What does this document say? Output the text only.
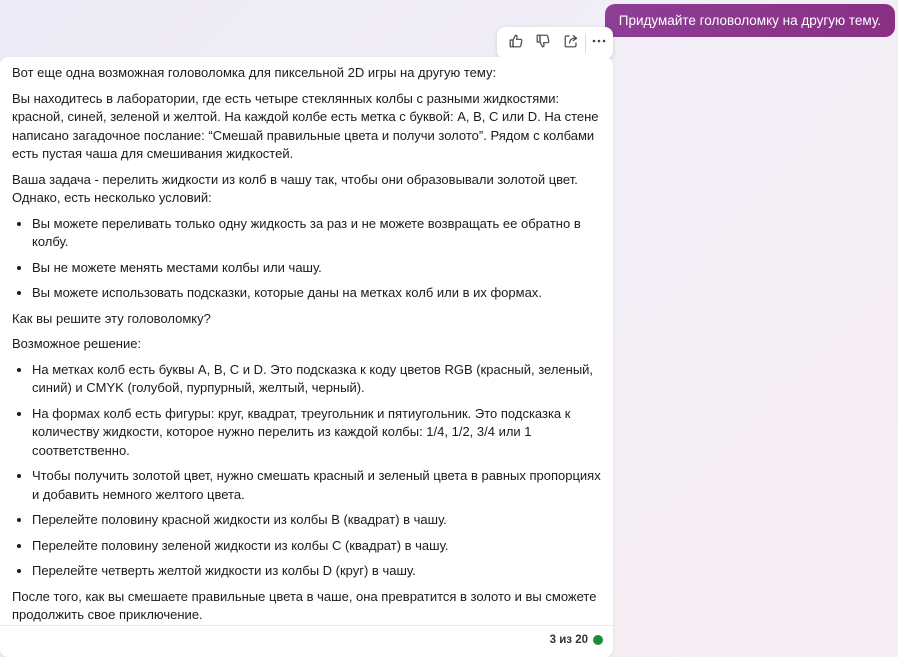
Придумайте головоломку на другую тему.

Вот еще одна возможная головоломка для пиксельной 2D игры на другую тему:

Вы находитесь в лаборатории, где есть четыре стеклянных колбы с разными жидкостями: красной, синей, зеленой и желтой. На каждой колбе есть метка с буквой: A, B, C или D. На стене написано загадочное послание: “Смешай правильные цвета и получи золото”. Рядом с колбами есть пустая чаша для смешивания жидкостей.

Ваша задача - перелить жидкости из колб в чашу так, чтобы они образовывали золотой цвет. Однако, есть несколько условий:

• Вы можете переливать только одну жидкость за раз и не можете возвращать ее обратно в колбу.
• Вы не можете менять местами колбы или чашу.
• Вы можете использовать подсказки, которые даны на метках колб или в их формах.

Как вы решите эту головоломку?

Возможное решение:

• На метках колб есть буквы A, B, C и D. Это подсказка к коду цветов RGB (красный, зеленый, синий) и CMYK (голубой, пурпурный, желтый, черный).
• На формах колб есть фигуры: круг, квадрат, треугольник и пятиугольник. Это подсказка к количеству жидкости, которое нужно перелить из каждой колбы: 1/4, 1/2, 3/4 или 1 соответственно.
• Чтобы получить золотой цвет, нужно смешать красный и зеленый цвета в равных пропорциях и добавить немного желтого цвета.
• Перелейте половину красной жидкости из колбы B (квадрат) в чашу.
• Перелейте половину зеленой жидкости из колбы C (квадрат) в чашу.
• Перелейте четверть желтой жидкости из колбы D (круг) в чашу.

После того, как вы смешаете правильные цвета в чаше, она превратится в золото и вы сможете продолжить свое приключение.

3 из 20
